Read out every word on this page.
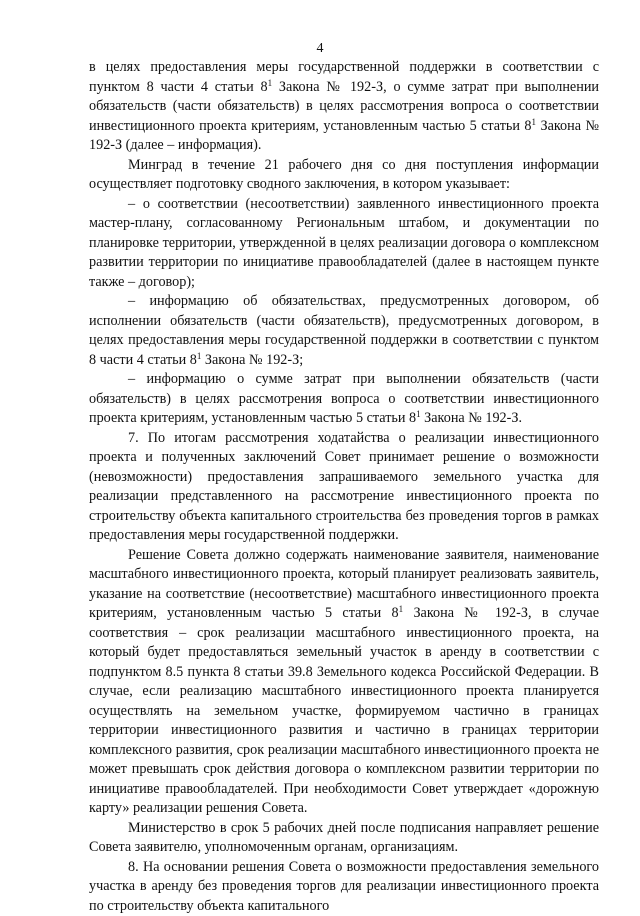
4

в целях предоставления меры государственной поддержки в соответствии с пунктом 8 части 4 статьи $8^1$ Закона № 192-З, о сумме затрат при выполнении обязательств (части обязательств) в целях рассмотрения вопроса о соответствии инвестиционного проекта критериям, установленным частью 5 статьи $8^1$ Закона № 192-З (далее – информация).

Минград в течение 21 рабочего дня со дня поступления информации осуществляет подготовку сводного заключения, в котором указывает:

– о соответствии (несоответствии) заявленного инвестиционного проекта мастер-плану, согласованному Региональным штабом, и документации по планировке территории, утвержденной в целях реализации договора о комплексном развитии территории по инициативе правообладателей (далее в настоящем пункте также – договор);

– информацию об обязательствах, предусмотренных договором, об исполнении обязательств (части обязательств), предусмотренных договором, в целях предоставления меры государственной поддержки в соответствии с пунктом 8 части 4 статьи $8^1$ Закона № 192-З;

– информацию о сумме затрат при выполнении обязательств (части обязательств) в целях рассмотрения вопроса о соответствии инвестиционного проекта критериям, установленным частью 5 статьи $8^1$ Закона № 192-З.

7. По итогам рассмотрения ходатайства о реализации инвестиционного проекта и полученных заключений Совет принимает решение о возможности (невозможности) предоставления запрашиваемого земельного участка для реализации представленного на рассмотрение инвестиционного проекта по строительству объекта капитального строительства без проведения торгов в рамках предоставления меры государственной поддержки.

Решение Совета должно содержать наименование заявителя, наименование масштабного инвестиционного проекта, который планирует реализовать заявитель, указание на соответствие (несоответствие) масштабного инвестиционного проекта критериям, установленным частью 5 статьи $8^1$ Закона № 192-З, в случае соответствия – срок реализации масштабного инвестиционного проекта, на который будет предоставляться земельный участок в аренду в соответствии с подпунктом 8.5 пункта 8 статьи 39.8 Земельного кодекса Российской Федерации. В случае, если реализацию масштабного инвестиционного проекта планируется осуществлять на земельном участке, формируемом частично в границах территории инвестиционного развития и частично в границах территории комплексного развития, срок реализации масштабного инвестиционного проекта не может превышать срок действия договора о комплексном развитии территории по инициативе правообладателей. При необходимости Совет утверждает «дорожную карту» реализации решения Совета.

Министерство в срок 5 рабочих дней после подписания направляет решение Совета заявителю, уполномоченным органам, организациям.

8. На основании решения Совета о возможности предоставления земельного участка в аренду без проведения торгов для реализации инвестиционного проекта по строительству объекта капитального
